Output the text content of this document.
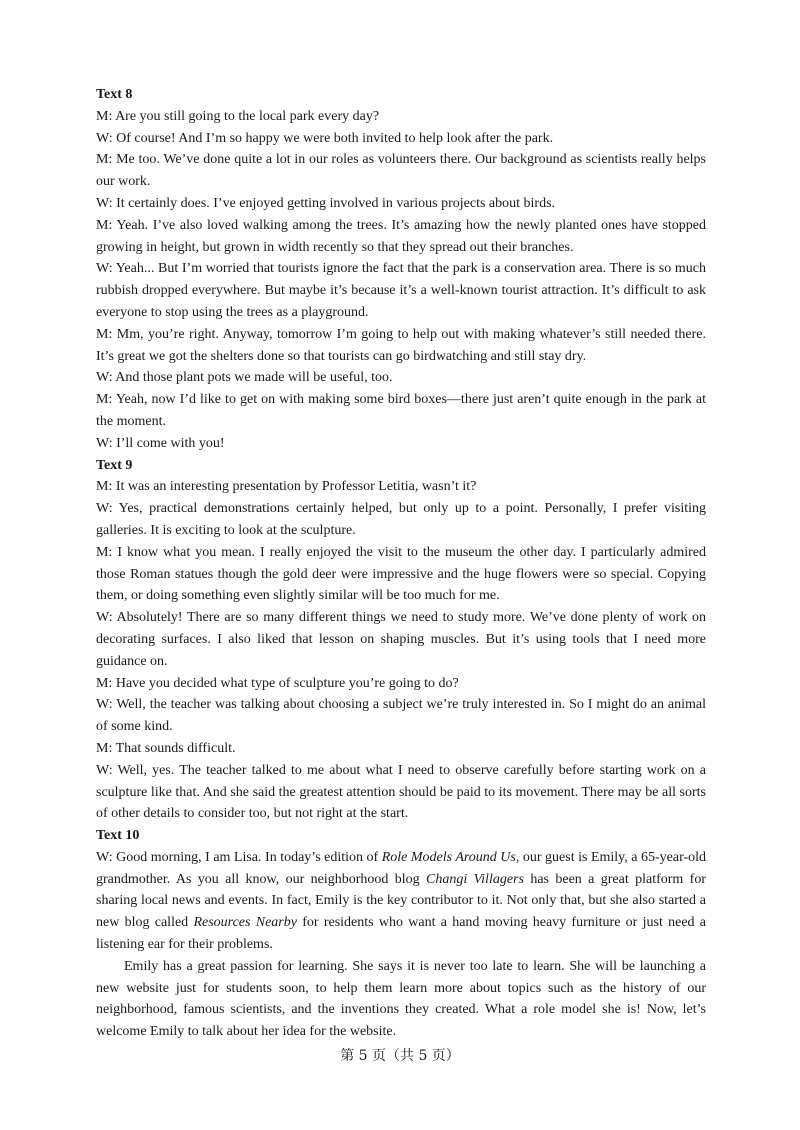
Text 8

M: Are you still going to the local park every day?

W: Of course! And I’m so happy we were both invited to help look after the park.

M: Me too. We’ve done quite a lot in our roles as volunteers there. Our background as scientists really helps our work.

W: It certainly does. I’ve enjoyed getting involved in various projects about birds.

M: Yeah. I’ve also loved walking among the trees. It’s amazing how the newly planted ones have stopped growing in height, but grown in width recently so that they spread out their branches.

W: Yeah... But I’m worried that tourists ignore the fact that the park is a conservation area. There is so much rubbish dropped everywhere. But maybe it’s because it’s a well-known tourist attraction. It’s difficult to ask everyone to stop using the trees as a playground.

M: Mm, you’re right. Anyway, tomorrow I’m going to help out with making whatever’s still needed there. It’s great we got the shelters done so that tourists can go birdwatching and still stay dry.

W: And those plant pots we made will be useful, too.

M: Yeah, now I’d like to get on with making some bird boxes—there just aren’t quite enough in the park at the moment.

W: I’ll come with you!

Text 9

M: It was an interesting presentation by Professor Letitia, wasn’t it?

W: Yes, practical demonstrations certainly helped, but only up to a point. Personally, I prefer visiting galleries. It is exciting to look at the sculpture.

M: I know what you mean. I really enjoyed the visit to the museum the other day. I particularly admired those Roman statues though the gold deer were impressive and the huge flowers were so special. Copying them, or doing something even slightly similar will be too much for me.

W: Absolutely! There are so many different things we need to study more. We’ve done plenty of work on decorating surfaces. I also liked that lesson on shaping muscles. But it’s using tools that I need more guidance on.

M: Have you decided what type of sculpture you’re going to do?

W: Well, the teacher was talking about choosing a subject we’re truly interested in. So I might do an animal of some kind.

M: That sounds difficult.

W: Well, yes. The teacher talked to me about what I need to observe carefully before starting work on a sculpture like that. And she said the greatest attention should be paid to its movement. There may be all sorts of other details to consider too, but not right at the start.

Text 10

W: Good morning, I am Lisa. In today’s edition of Role Models Around Us, our guest is Emily, a 65-year-old grandmother. As you all know, our neighborhood blog Changi Villagers has been a great platform for sharing local news and events. In fact, Emily is the key contributor to it. Not only that, but she also started a new blog called Resources Nearby for residents who want a hand moving heavy furniture or just need a listening ear for their problems.

Emily has a great passion for learning. She says it is never too late to learn. She will be launching a new website just for students soon, to help them learn more about topics such as the history of our neighborhood, famous scientists, and the inventions they created. What a role model she is! Now, let’s welcome Emily to talk about her idea for the website.

第 5 页（共 5 页）
